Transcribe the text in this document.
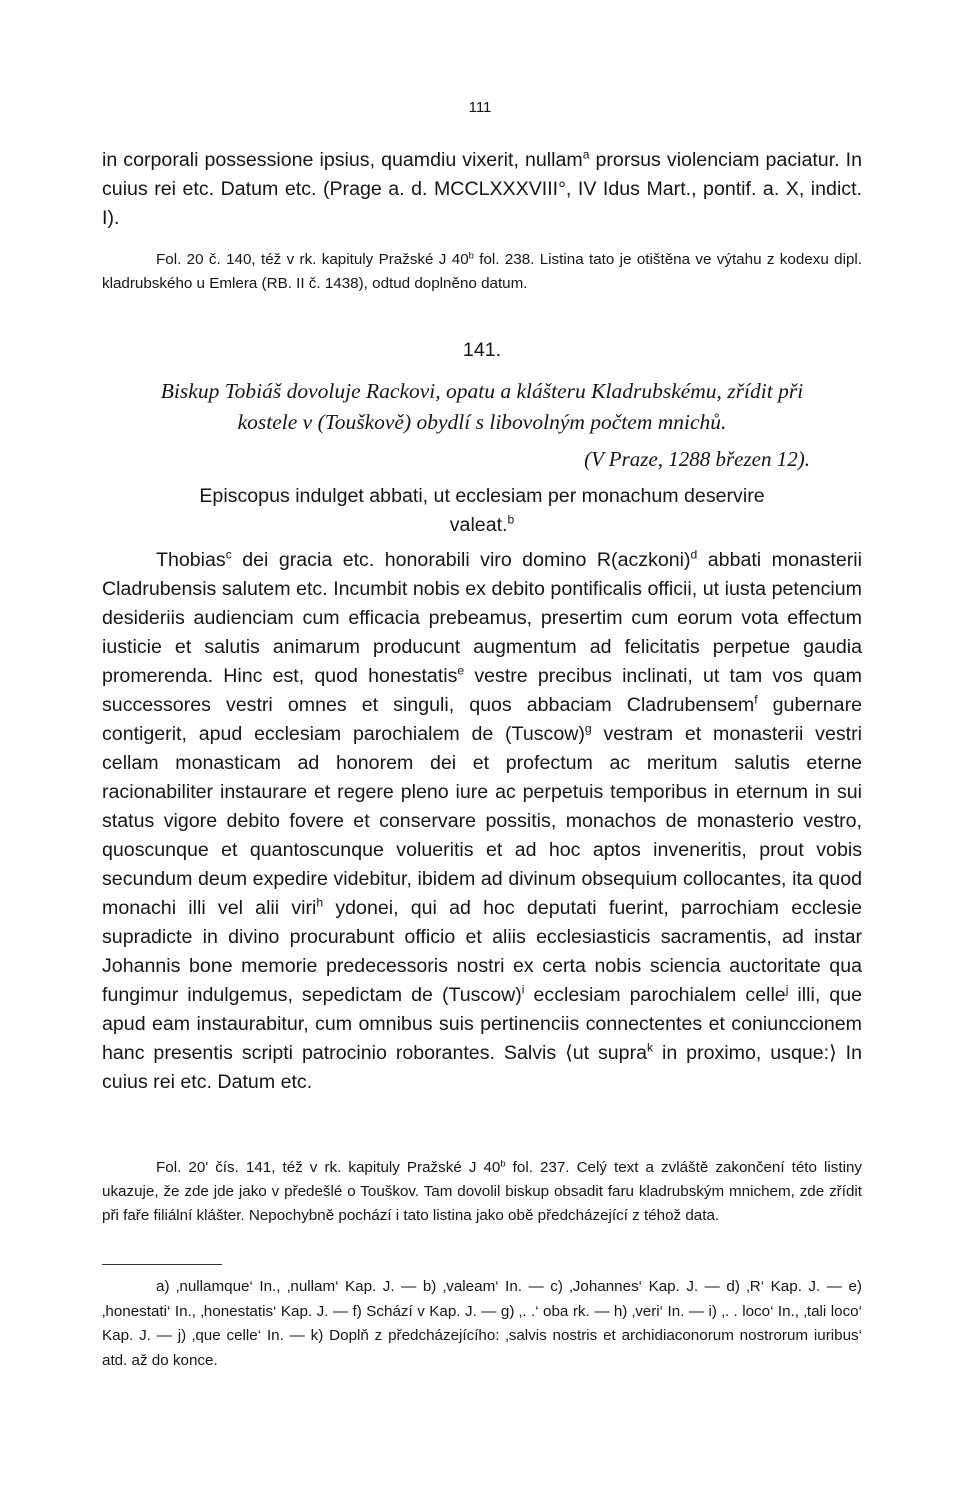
111

in corporali possessione ipsius, quamdiu vixerit, nullam$^a$ prorsus violenciam paciatur. In cuius rei etc. Datum etc. (Prage a. d. MCCLXXXVIII°, IV Idus Mart., pontif. a. X, indict. I).

Fol. 20 č. 140, též v rk. kapituly Pražské J 40$^b$ fol. 238. Listina tato je otištěna ve výtahu z kodexu dipl. kladrubského u Emlera (RB. II č. 1438), odtud doplněno datum.

141.
Biskup Tobiáš dovoluje Rackovi, opatu a klášteru Kladrubskému, zřídit při
kostele v (Touškově) obydlí s libovolným počtem mnichů.
(V Praze, 1288 březen 12).
Episcopus indulget abbati, ut ecclesiam per monachum deservire
valeat.$^b$

Thobias$^c$ dei gracia etc. honorabili viro domino R(aczkoni)$^d$ abbati monasterii Cladrubensis salutem etc. Incumbit nobis ex debito pontificalis officii, ut iusta petencium desideriis audienciam cum efficacia prebeamus, presertim cum eorum vota effectum iusticie et salutis animarum producunt augmentum ad felicitatis perpetue gaudia promerenda. Hinc est, quod honestatis$^e$ vestre precibus inclinati, ut tam vos quam successores vestri omnes et singuli, quos abbaciam Cladrubensem$^f$ gubernare contigerit, apud ecclesiam parochialem de (Tuscow)$^g$ vestram et monasterii vestri cellam monasticam ad honorem dei et profectum ac meritum salutis eterne racionabiliter instaurare et regere pleno iure ac perpetuis temporibus in eternum in sui status vigore debito fovere et conservare possitis, monachos de monasterio vestro, quoscunque et quantoscunque volueritis et ad hoc aptos inveneritis, prout vobis secundum deum expedire videbitur, ibidem ad divinum obsequium collocantes, ita quod monachi illi vel alii viri$^h$ ydonei, qui ad hoc deputati fuerint, parrochiam ecclesie supradicte in divino procurabunt officio et aliis ecclesiasticis sacramentis, ad instar Johannis bone memorie predecessoris nostri ex certa nobis sciencia auctoritate qua fungimur indulgemus, sepedictam de (Tuscow)$^i$ ecclesiam parochialem celle$^j$ illi, que apud eam instaurabitur, cum omnibus suis pertinenciis connectentes et coniunccionem hanc presentis scripti patrocinio roborantes. Salvis ⟨ut supra$^k$ in proximo, usque:⟩ In cuius rei etc. Datum etc.

Fol. 20' čís. 141, též v rk. kapituly Pražské J 40$^b$ fol. 237. Celý text a zvláště zakončení této listiny ukazuje, že zde jde jako v předešlé o Touškov. Tam dovolil biskup obsadit faru kladrubským mnichem, zde zřídit při faře filiální klášter. Nepochybně pochází i tato listina jako obě předcházející z téhož data.

a) ‚nullamque‘ In., ‚nullam‘ Kap. J. — b) ‚valeam‘ In. — c) ‚Johannes‘ Kap. J. — d) ‚R‘ Kap. J. — e) ‚honestati‘ In., ‚honestatis‘ Kap. J. — f) Schází v Kap. J. — g) ‚. .‘ oba rk. — h) ‚veri‘ In. — i) ‚. . loco‘ In., ‚tali loco‘ Kap. J. — j) ‚que celle‘ In. — k) Doplň z předcházejícího: ‚salvis nostris et archidiaconorum nostrorum iuribus‘ atd. až do konce.
